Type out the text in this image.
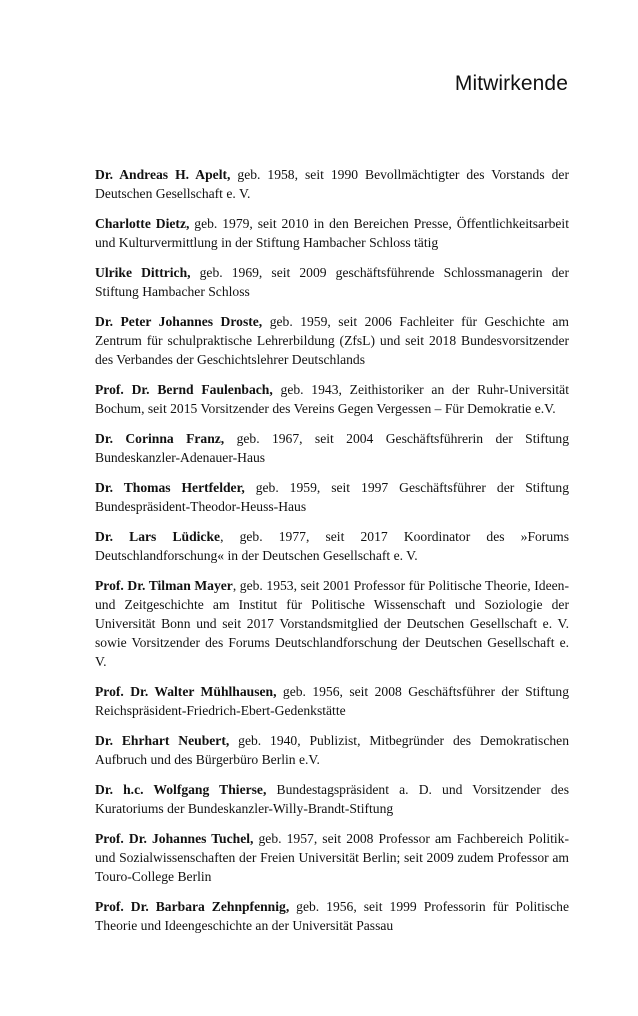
Mitwirkende
Dr. Andreas H. Apelt, geb. 1958, seit 1990 Bevollmächtigter des Vorstands der Deutschen Gesellschaft e. V.
Charlotte Dietz, geb. 1979, seit 2010 in den Bereichen Presse, Öffentlichkeitsarbeit und Kulturvermittlung in der Stiftung Hambacher Schloss tätig
Ulrike Dittrich, geb. 1969, seit 2009 geschäftsführende Schlossmanagerin der Stiftung Hambacher Schloss
Dr. Peter Johannes Droste, geb. 1959, seit 2006 Fachleiter für Geschichte am Zentrum für schulpraktische Lehrerbildung (ZfsL) und seit 2018 Bundesvorsitzender des Verbandes der Geschichtslehrer Deutschlands
Prof. Dr. Bernd Faulenbach, geb. 1943, Zeithistoriker an der Ruhr-Universität Bochum, seit 2015 Vorsitzender des Vereins Gegen Vergessen – Für Demokratie e.V.
Dr. Corinna Franz, geb. 1967, seit 2004 Geschäftsführerin der Stiftung Bundeskanzler-Adenauer-Haus
Dr. Thomas Hertfelder, geb. 1959, seit 1997 Geschäftsführer der Stiftung Bundespräsident-Theodor-Heuss-Haus
Dr. Lars Lüdicke, geb. 1977, seit 2017 Koordinator des »Forums Deutschlandforschung« in der Deutschen Gesellschaft e. V.
Prof. Dr. Tilman Mayer, geb. 1953, seit 2001 Professor für Politische Theorie, Ideen- und Zeitgeschichte am Institut für Politische Wissenschaft und Soziologie der Universität Bonn und seit 2017 Vorstandsmitglied der Deutschen Gesellschaft e. V. sowie Vorsitzender des Forums Deutschlandforschung der Deutschen Gesellschaft e. V.
Prof. Dr. Walter Mühlhausen, geb. 1956, seit 2008 Geschäftsführer der Stiftung Reichspräsident-Friedrich-Ebert-Gedenkstätte
Dr. Ehrhart Neubert, geb. 1940, Publizist, Mitbegründer des Demokratischen Aufbruch und des Bürgerbüro Berlin e.V.
Dr. h.c. Wolfgang Thierse, Bundestagspräsident a. D. und Vorsitzender des Kuratoriums der Bundeskanzler-Willy-Brandt-Stiftung
Prof. Dr. Johannes Tuchel, geb. 1957, seit 2008 Professor am Fachbereich Politik- und Sozialwissenschaften der Freien Universität Berlin; seit 2009 zudem Professor am Touro-College Berlin
Prof. Dr. Barbara Zehnpfennig, geb. 1956, seit 1999 Professorin für Politische Theorie und Ideengeschichte an der Universität Passau
